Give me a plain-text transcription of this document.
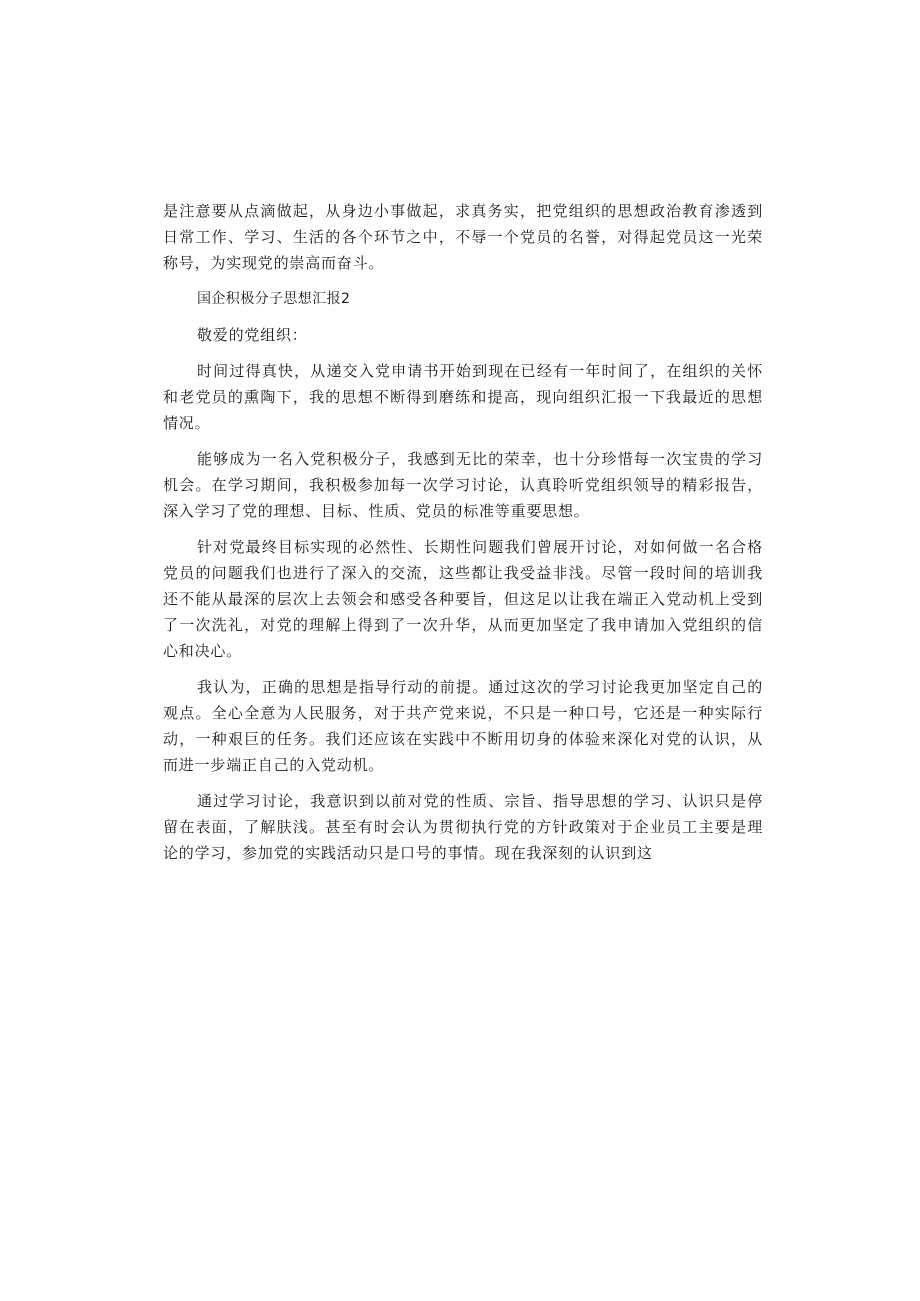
是注意要从点滴做起，从身边小事做起，求真务实，把党组织的思想政治教育渗透到日常工作、学习、生活的各个环节之中，不辱一个党员的名誉，对得起党员这一光荣称号，为实现党的崇高而奋斗。

国企积极分子思想汇报2

敬爱的党组织：

时间过得真快，从递交入党申请书开始到现在已经有一年时间了，在组织的关怀和老党员的熏陶下，我的思想不断得到磨练和提高，现向组织汇报一下我最近的思想情况。

能够成为一名入党积极分子，我感到无比的荣幸，也十分珍惜每一次宝贵的学习机会。在学习期间，我积极参加每一次学习讨论，认真聆听党组织领导的精彩报告，深入学习了党的理想、目标、性质、党员的标准等重要思想。

针对党最终目标实现的必然性、长期性问题我们曾展开讨论，对如何做一名合格党员的问题我们也进行了深入的交流，这些都让我受益非浅。尽管一段时间的培训我还不能从最深的层次上去领会和感受各种要旨，但这足以让我在端正入党动机上受到了一次洗礼，对党的理解上得到了一次升华，从而更加坚定了我申请加入党组织的信心和决心。

我认为，正确的思想是指导行动的前提。通过这次的学习讨论我更加坚定自己的观点。全心全意为人民服务，对于共产党来说，不只是一种口号，它还是一种实际行动，一种艰巨的任务。我们还应该在实践中不断用切身的体验来深化对党的认识，从而进一步端正自己的入党动机。

通过学习讨论，我意识到以前对党的性质、宗旨、指导思想的学习、认识只是停留在表面，了解肤浅。甚至有时会认为贯彻执行党的方针政策对于企业员工主要是理论的学习，参加党的实践活动只是口号的事情。现在我深刻的认识到这
